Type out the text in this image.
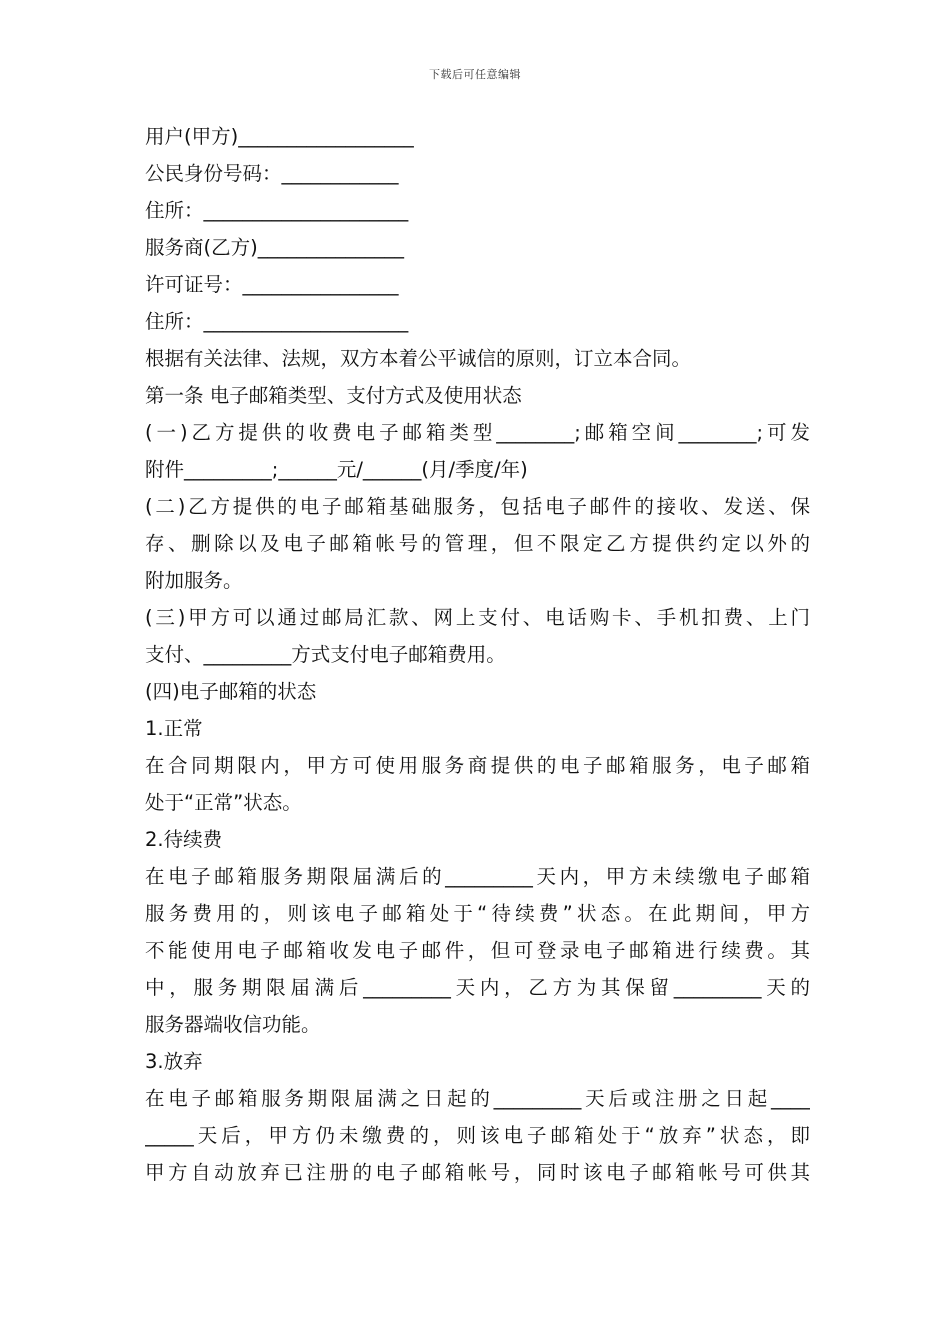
下载后可任意编辑
用户(甲方)__________________
公民身份号码：____________
住所：_____________________
服务商(乙方)_______________
许可证号：________________
住所：_____________________
根据有关法律、法规，双方本着公平诚信的原则，订立本合同。
第一条 电子邮箱类型、支付方式及使用状态
(一)乙方提供的收费电子邮箱类型________;邮箱空间________;可发
附件_________;______元/______(月/季度/年)
(二)乙方提供的电子邮箱基础服务，包括电子邮件的接收、发送、保
存、删除以及电子邮箱帐号的管理，但不限定乙方提供约定以外的
附加服务。
(三)甲方可以通过邮局汇款、网上支付、电话购卡、手机扣费、上门
支付、_________方式支付电子邮箱费用。
(四)电子邮箱的状态
1.正常
在合同期限内，甲方可使用服务商提供的电子邮箱服务，电子邮箱
处于“正常”状态。
2.待续费
在电子邮箱服务期限届满后的_________天内，甲方未续缴电子邮箱
服务费用的，则该电子邮箱处于“待续费”状态。在此期间，甲方
不能使用电子邮箱收发电子邮件，但可登录电子邮箱进行续费。其
中，服务期限届满后_________天内，乙方为其保留_________天的
服务器端收信功能。
3.放弃
在电子邮箱服务期限届满之日起的_________天后或注册之日起____
_____天后，甲方仍未缴费的，则该电子邮箱处于“放弃”状态，即
甲方自动放弃已注册的电子邮箱帐号，同时该电子邮箱帐号可供其
